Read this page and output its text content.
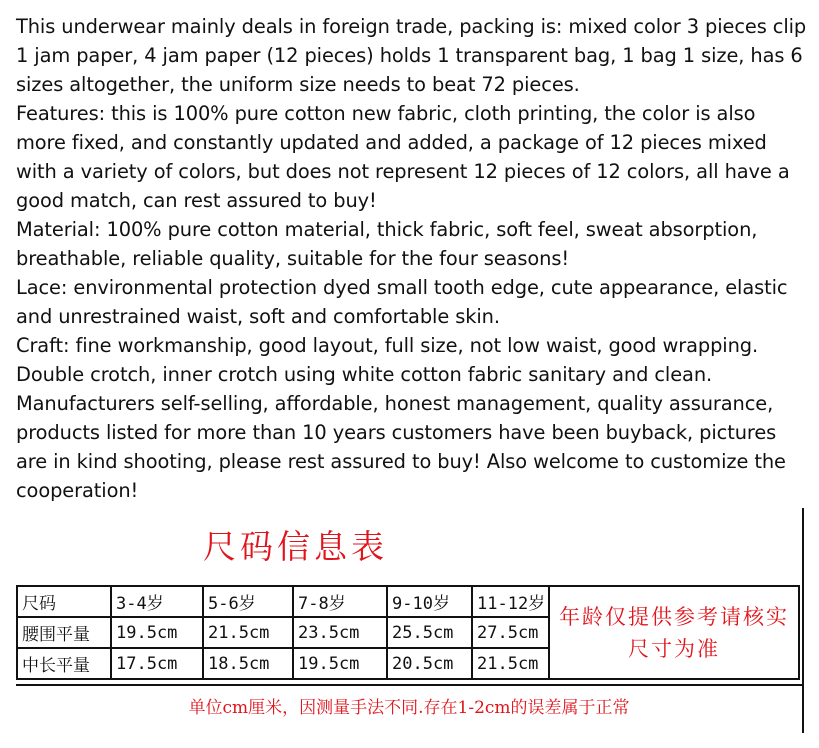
This underwear mainly deals in foreign trade, packing is: mixed color 3 pieces clip 1 jam paper, 4 jam paper (12 pieces) holds 1 transparent bag, 1 bag 1 size, has 6 sizes altogether, the uniform size needs to beat 72 pieces.

Features: this is 100% pure cotton new fabric, cloth printing, the color is also more fixed, and constantly updated and added, a package of 12 pieces mixed with a variety of colors, but does not represent 12 pieces of 12 colors, all have a good match, can rest assured to buy!

Material: 100% pure cotton material, thick fabric, soft feel, sweat absorption, breathable, reliable quality, suitable for the four seasons!

Lace: environmental protection dyed small tooth edge, cute appearance, elastic and unrestrained waist, soft and comfortable skin.

Craft: fine workmanship, good layout, full size, not low waist, good wrapping.

Double crotch, inner crotch using white cotton fabric sanitary and clean.

Manufacturers self-selling, affordable, honest management, quality assurance, products listed for more than 10 years customers have been buyback, pictures are in kind shooting, please rest assured to buy! Also welcome to customize the cooperation!

尺码信息表
尺码	3-4岁	5-6岁	7-8岁	9-10岁	11-12岁	年龄仅提供参考请核实尺寸为准
腰围平量	19.5cm	21.5cm	23.5cm	25.5cm	27.5cm	
中长平量	17.5cm	18.5cm	19.5cm	20.5cm	21.5cm	
单位cm厘米，因测量手法不同.存在1-2cm的误差属于正常
